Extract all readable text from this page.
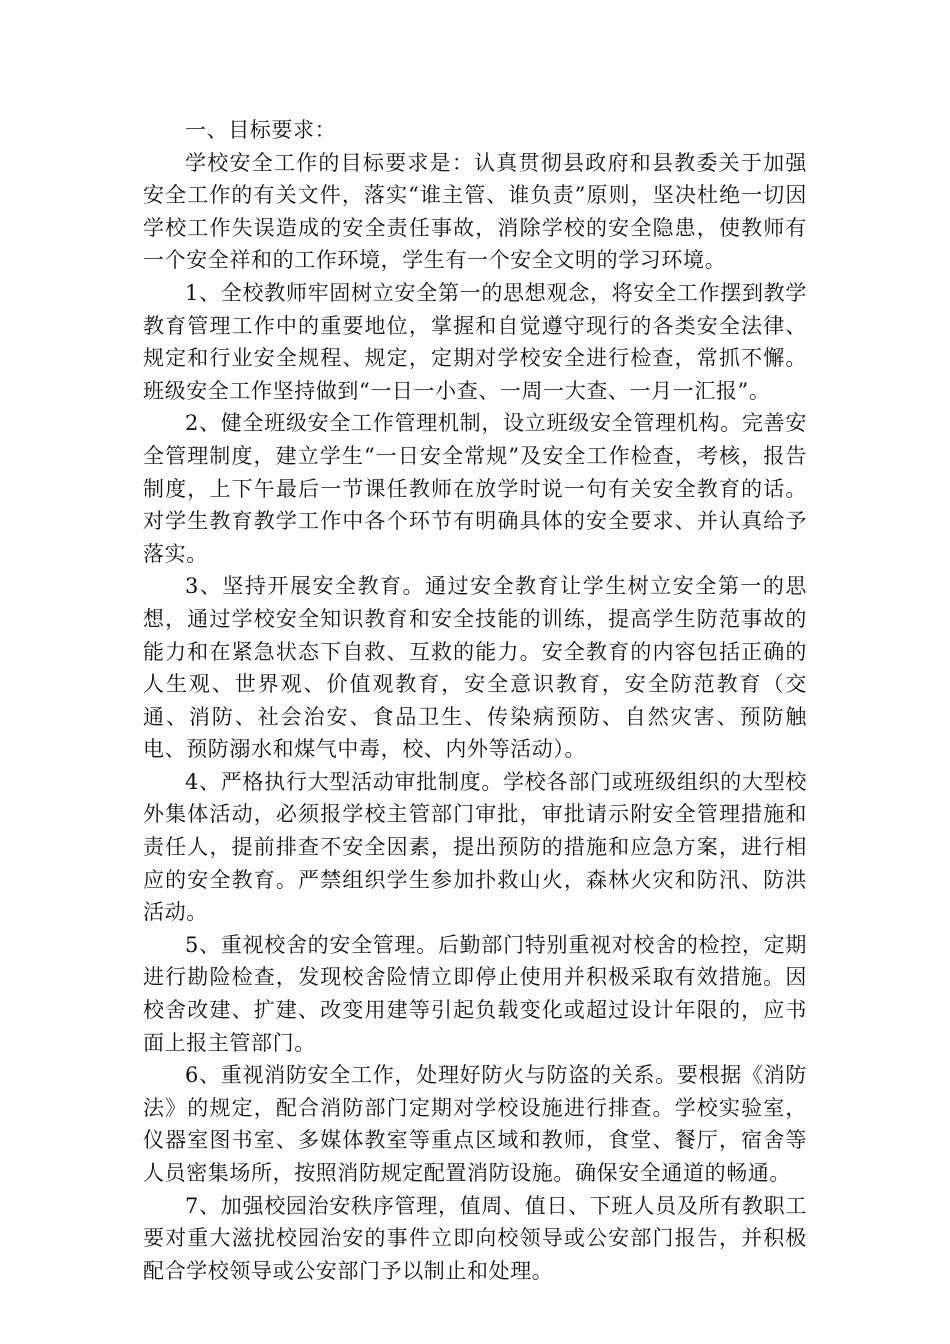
一、目标要求：

学校安全工作的目标要求是：认真贯彻县政府和县教委关于加强安全工作的有关文件，落实“谁主管、谁负责”原则，坚决杜绝一切因学校工作失误造成的安全责任事故，消除学校的安全隐患，使教师有一个安全祥和的工作环境，学生有一个安全文明的学习环境。

1、全校教师牢固树立安全第一的思想观念，将安全工作摆到教学教育管理工作中的重要地位，掌握和自觉遵守现行的各类安全法律、规定和行业安全规程、规定，定期对学校安全进行检查，常抓不懈。班级安全工作坚持做到“一日一小查、一周一大查、一月一汇报”。

2、健全班级安全工作管理机制，设立班级安全管理机构。完善安全管理制度，建立学生“一日安全常规”及安全工作检查，考核，报告制度，上下午最后一节课任教师在放学时说一句有关安全教育的话。对学生教育教学工作中各个环节有明确具体的安全要求、并认真给予落实。

3、坚持开展安全教育。通过安全教育让学生树立安全第一的思想，通过学校安全知识教育和安全技能的训练，提高学生防范事故的能力和在紧急状态下自救、互救的能力。安全教育的内容包括正确的人生观、世界观、价值观教育，安全意识教育，安全防范教育（交通、消防、社会治安、食品卫生、传染病预防、自然灾害、预防触电、预防溺水和煤气中毒，校、内外等活动）。

4、严格执行大型活动审批制度。学校各部门或班级组织的大型校外集体活动，必须报学校主管部门审批，审批请示附安全管理措施和责任人，提前排查不安全因素，提出预防的措施和应急方案，进行相应的安全教育。严禁组织学生参加扑救山火，森林火灾和防汛、防洪活动。

5、重视校舍的安全管理。后勤部门特别重视对校舍的检控，定期进行勘险检查，发现校舍险情立即停止使用并积极采取有效措施。因校舍改建、扩建、改变用建等引起负载变化或超过设计年限的，应书面上报主管部门。

6、重视消防安全工作，处理好防火与防盗的关系。要根据《消防法》的规定，配合消防部门定期对学校设施进行排查。学校实验室，仪器室图书室、多媒体教室等重点区域和教师，食堂、餐厅，宿舍等人员密集场所，按照消防规定配置消防设施。确保安全通道的畅通。

7、加强校园治安秩序管理，值周、值日、下班人员及所有教职工要对重大滋扰校园治安的事件立即向校领导或公安部门报告，并积极配合学校领导或公安部门予以制止和处理。
